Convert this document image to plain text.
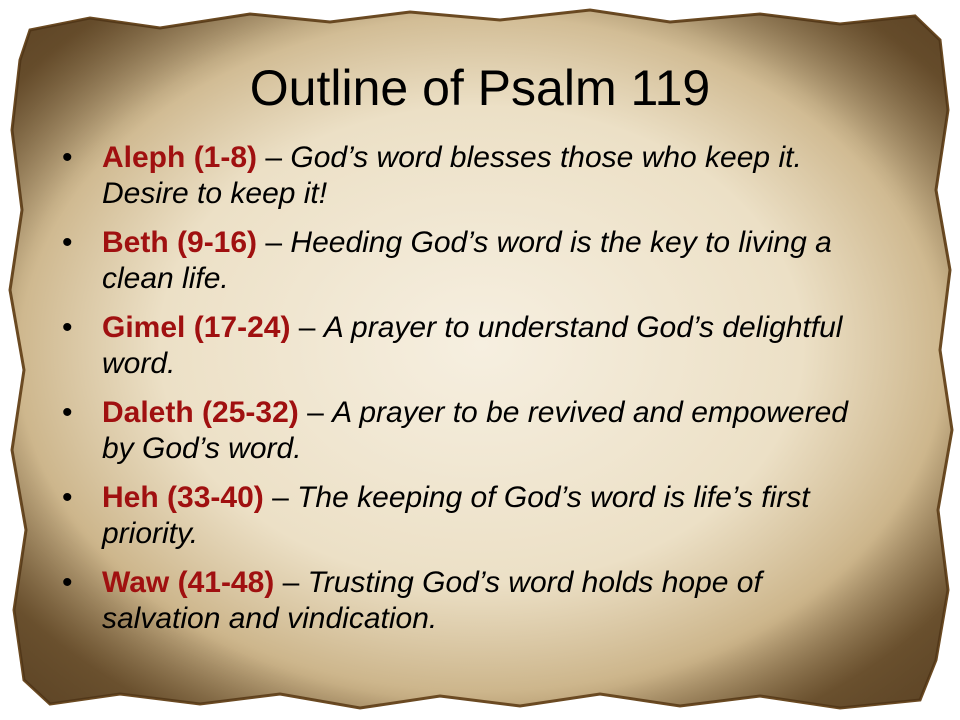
Outline of Psalm 119
• Aleph (1-8) – God’s word blesses those who keep it. Desire to keep it!
• Beth (9-16) – Heeding God’s word is the key to living a clean life.
• Gimel (17-24) – A prayer to understand God’s delightful word.
• Daleth (25-32) – A prayer to be revived and empowered by God’s word.
• Heh (33-40) – The keeping of God’s word is life’s first priority.
• Waw (41-48) – Trusting God’s word holds hope of salvation and vindication.
